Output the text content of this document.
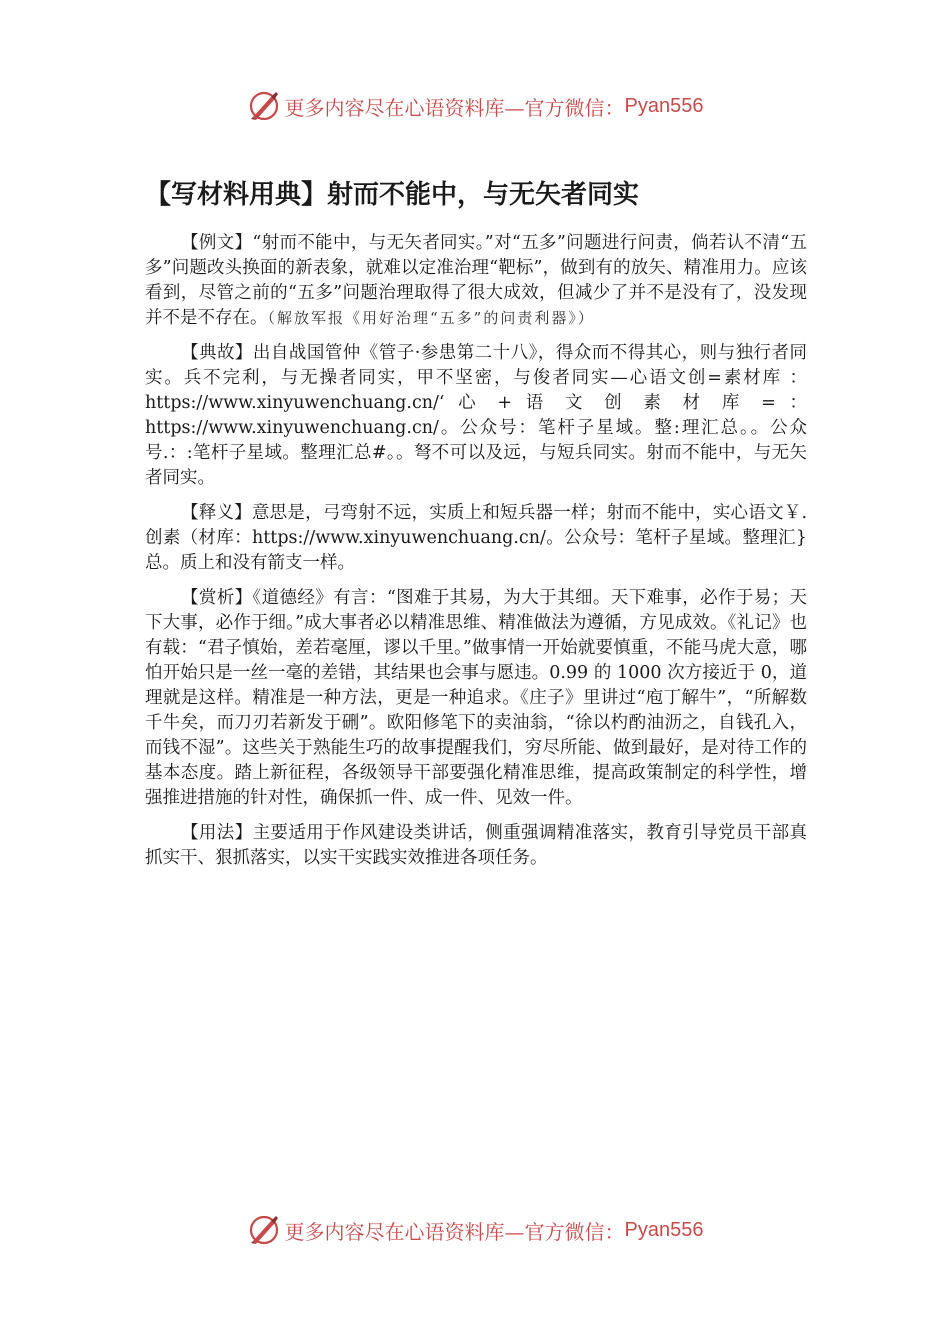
更多内容尽在心语资料库—官方微信： Pyan556
【写材料用典】射而不能中，与无矢者同实

【例文】“射而不能中，与无矢者同实。”对“五多”问题进行问责，倘若认不清“五多”问题改头换面的新表象，就难以定准治理“靶标”，做到有的放矢、精准用力。应该看到，尽管之前的“五多”问题治理取得了很大成效，但减少了并不是没有了，没发现并不是不存在。（解放军报《用好治理“五多”的问责利器》）

【典故】出自战国管仲《管子·参患第二十八》，得众而不得其心，则与独行者同实。兵不完利，与无操者同实，甲不坚密，与俊者同实—心语文创=素材库 ： https://www.xinyuwenchuang.cn/‘ 心 + 语 文 创 素 材 库 = ： https://www.xinyuwenchuang.cn/。公众号：笔杆子星域。整:理汇总。。公众号.：:笔杆子星域。整理汇总#。。弩不可以及远，与短兵同实。射而不能中，与无矢者同实。

【释义】意思是，弓弯射不远，实质上和短兵器一样；射而不能中，实心语文￥.创素（材库：https://www.xinyuwenchuang.cn/。公众号：笔杆子星域。整理汇}总。质上和没有箭支一样。

【赏析】《道德经》有言：“图难于其易，为大于其细。天下难事，必作于易；天下大事，必作于细。”成大事者必以精准思维、精准做法为遵循，方见成效。《礼记》也有载：“君子慎始，差若毫厘，谬以千里。”做事情一开始就要慎重，不能马虎大意，哪怕开始只是一丝一毫的差错，其结果也会事与愿违。0.99 的 1000 次方接近于 0，道理就是这样。精准是一种方法，更是一种追求。《庄子》里讲过“庖丁解牛”，“所解数千牛矣，而刀刃若新发于硎”。欧阳修笔下的卖油翁，“徐以杓酌油沥之，自钱孔入，而钱不湿”。这些关于熟能生巧的故事提醒我们，穷尽所能、做到最好，是对待工作的基本态度。踏上新征程，各级领导干部要强化精准思维，提高政策制定的科学性，增强推进措施的针对性，确保抓一件、成一件、见效一件。

【用法】主要适用于作风建设类讲话，侧重强调精准落实，教育引导党员干部真抓实干、狠抓落实，以实干实践实效推进各项任务。

更多内容尽在心语资料库—官方微信： Pyan556
